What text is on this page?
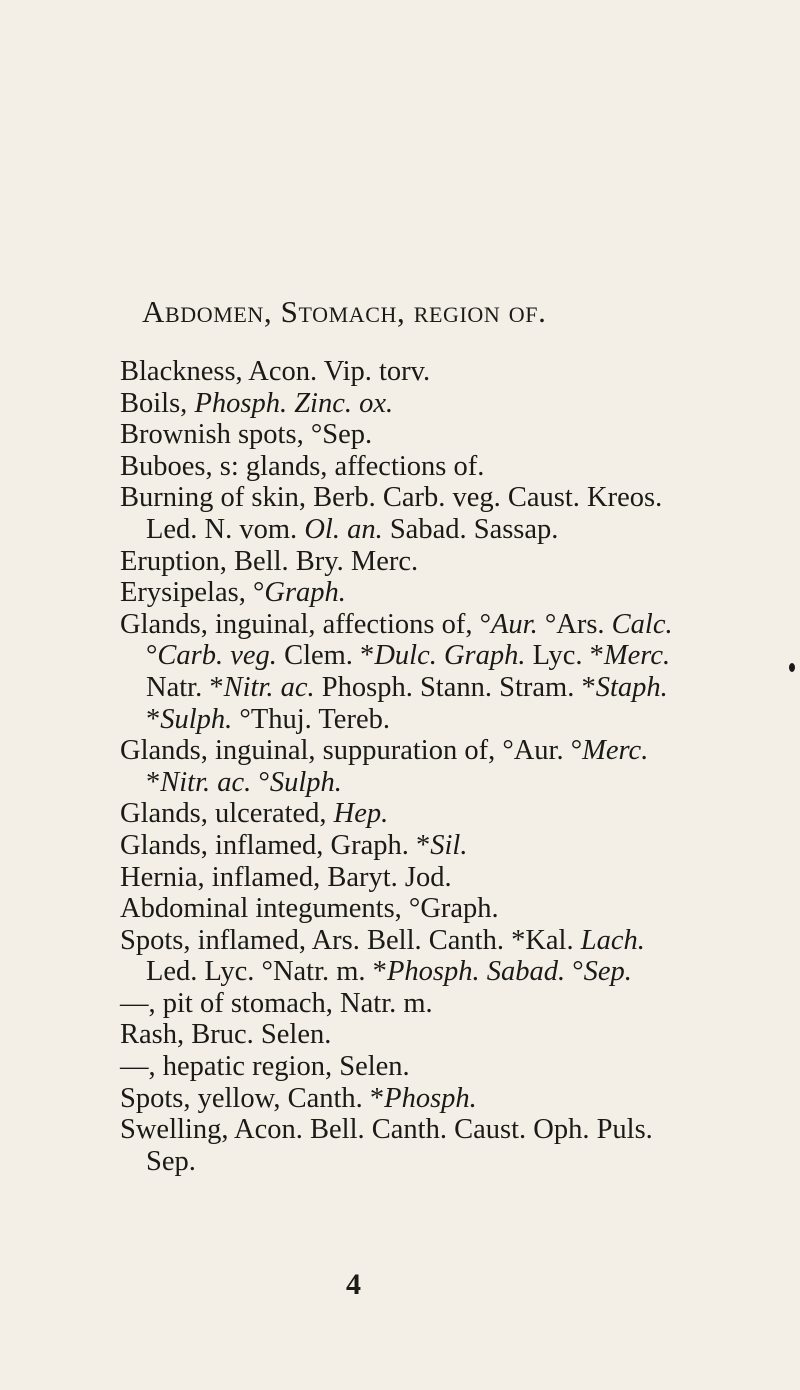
Abdomen, Stomach, region of.
Blackness, Acon. Vip. torv.
Boils, Phosph. Zinc. ox.
Brownish spots, °Sep.
Buboes, s: glands, affections of.
Burning of skin, Berb. Carb. veg. Caust. Kreos.
Led. N. vom. Ol. an. Sabad. Sassap.
Eruption, Bell. Bry. Merc.
Erysipelas, °Graph.
Glands, inguinal, affections of, °Aur. °Ars. Calc.
°Carb. veg. Clem. *Dulc. Graph. Lyc. *Merc.
Natr. *Nitr. ac. Phosph. Stann. Stram. *Staph.
*Sulph. °Thuj. Tereb.
Glands, inguinal, suppuration of, °Aur. °Merc.
*Nitr. ac. °Sulph.
Glands, ulcerated, Hep.
Glands, inflamed, Graph. *Sil.
Hernia, inflamed, Baryt. Jod.
Abdominal integuments, °Graph.
Spots, inflamed, Ars. Bell. Canth. *Kal. Lach.
Led. Lyc. °Natr. m. *Phosph. Sabad. °Sep.
—, pit of stomach, Natr. m.
Rash, Bruc. Selen.
—, hepatic region, Selen.
Spots, yellow, Canth. *Phosph.
Swelling, Acon. Bell. Canth. Caust. Oph. Puls.
Sep.
4
